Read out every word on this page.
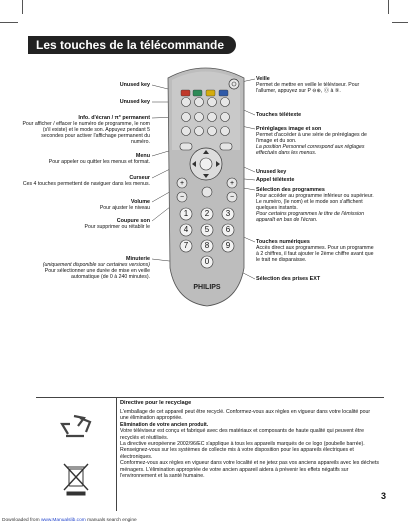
Les touches de la télécommande
Unused key
Unused key
Info. d'écran / π° permanent
Pour afficher / effacer le numéro de programme, le nom (s'il existe) et le mode son. Appuyez pendant 5 secondes pour activer l'affichage permanent du numéro.
Menu
Pour appeler ou quitter les menus et format.
Curseur
Ces 4 touches permettent de naviguer dans les menus.
Volume
Pour ajuster le niveau
Coupure son
Pour supprimer ou rétablir le
Minuterie
(uniquement disponible sur certaines versions)
Pour sélectionner une durée de mise en veille automatique (de 0 à 240 minutes).
Veille
Permet de mettre en veille le téléviseur. Pour l'allumer, appuyez sur P ⊖⊕, ⓪ à ⑨.
Touches télétexte
Préréglages image et son
Permet d'accéder à une série de préréglages de l'image et du son.
La position Personnel correspond aux réglages effectués dans les menus.
Unused key
Appel télétexte
Sélection des programmes
Pour accéder au programme inférieur ou supérieur. Le numéro, (le nom) et le mode son s'affichent quelques instants.
Pour certains programmes le titre de l'émission apparaît en bas de l'écran.
Touches numériques
Accès direct aux programmes. Pour un programme à 2 chiffres, il faut ajouter le 2ème chiffre avant que le trait ne disparaisse.
Sélection des prises EXT
+
−
+
−
PHILIPS
1	2	3
4	5	6
7	8	9
0
Directive pour le recyclage
L'emballage de cet appareil peut être recyclé. Conformez-vous aux règles en vigueur dans votre localité pour une élimination appropriée.
Elimination de votre ancien produit.
Votre téléviseur est conçu et fabriqué avec des matériaux et composants de haute qualité qui peuvent être recyclés et réutilisés.
La directive européenne 2002/96/EC s'applique à tous les appareils marqués de ce logo (poubelle barrée). Renseignez-vous sur les systèmes de collecte mis à votre disposition pour les appareils électriques et électroniques.
Conformez-vous aux règles en vigueur dans votre localité et ne jetez pas vos anciens appareils avec les déchets ménagers. L'élimination appropriée de votre ancien appareil aidera à prévenir les effets négatifs sur l'environnement et la santé humaine.
3
Downloaded from www.Manualslib.com manuals search engine
